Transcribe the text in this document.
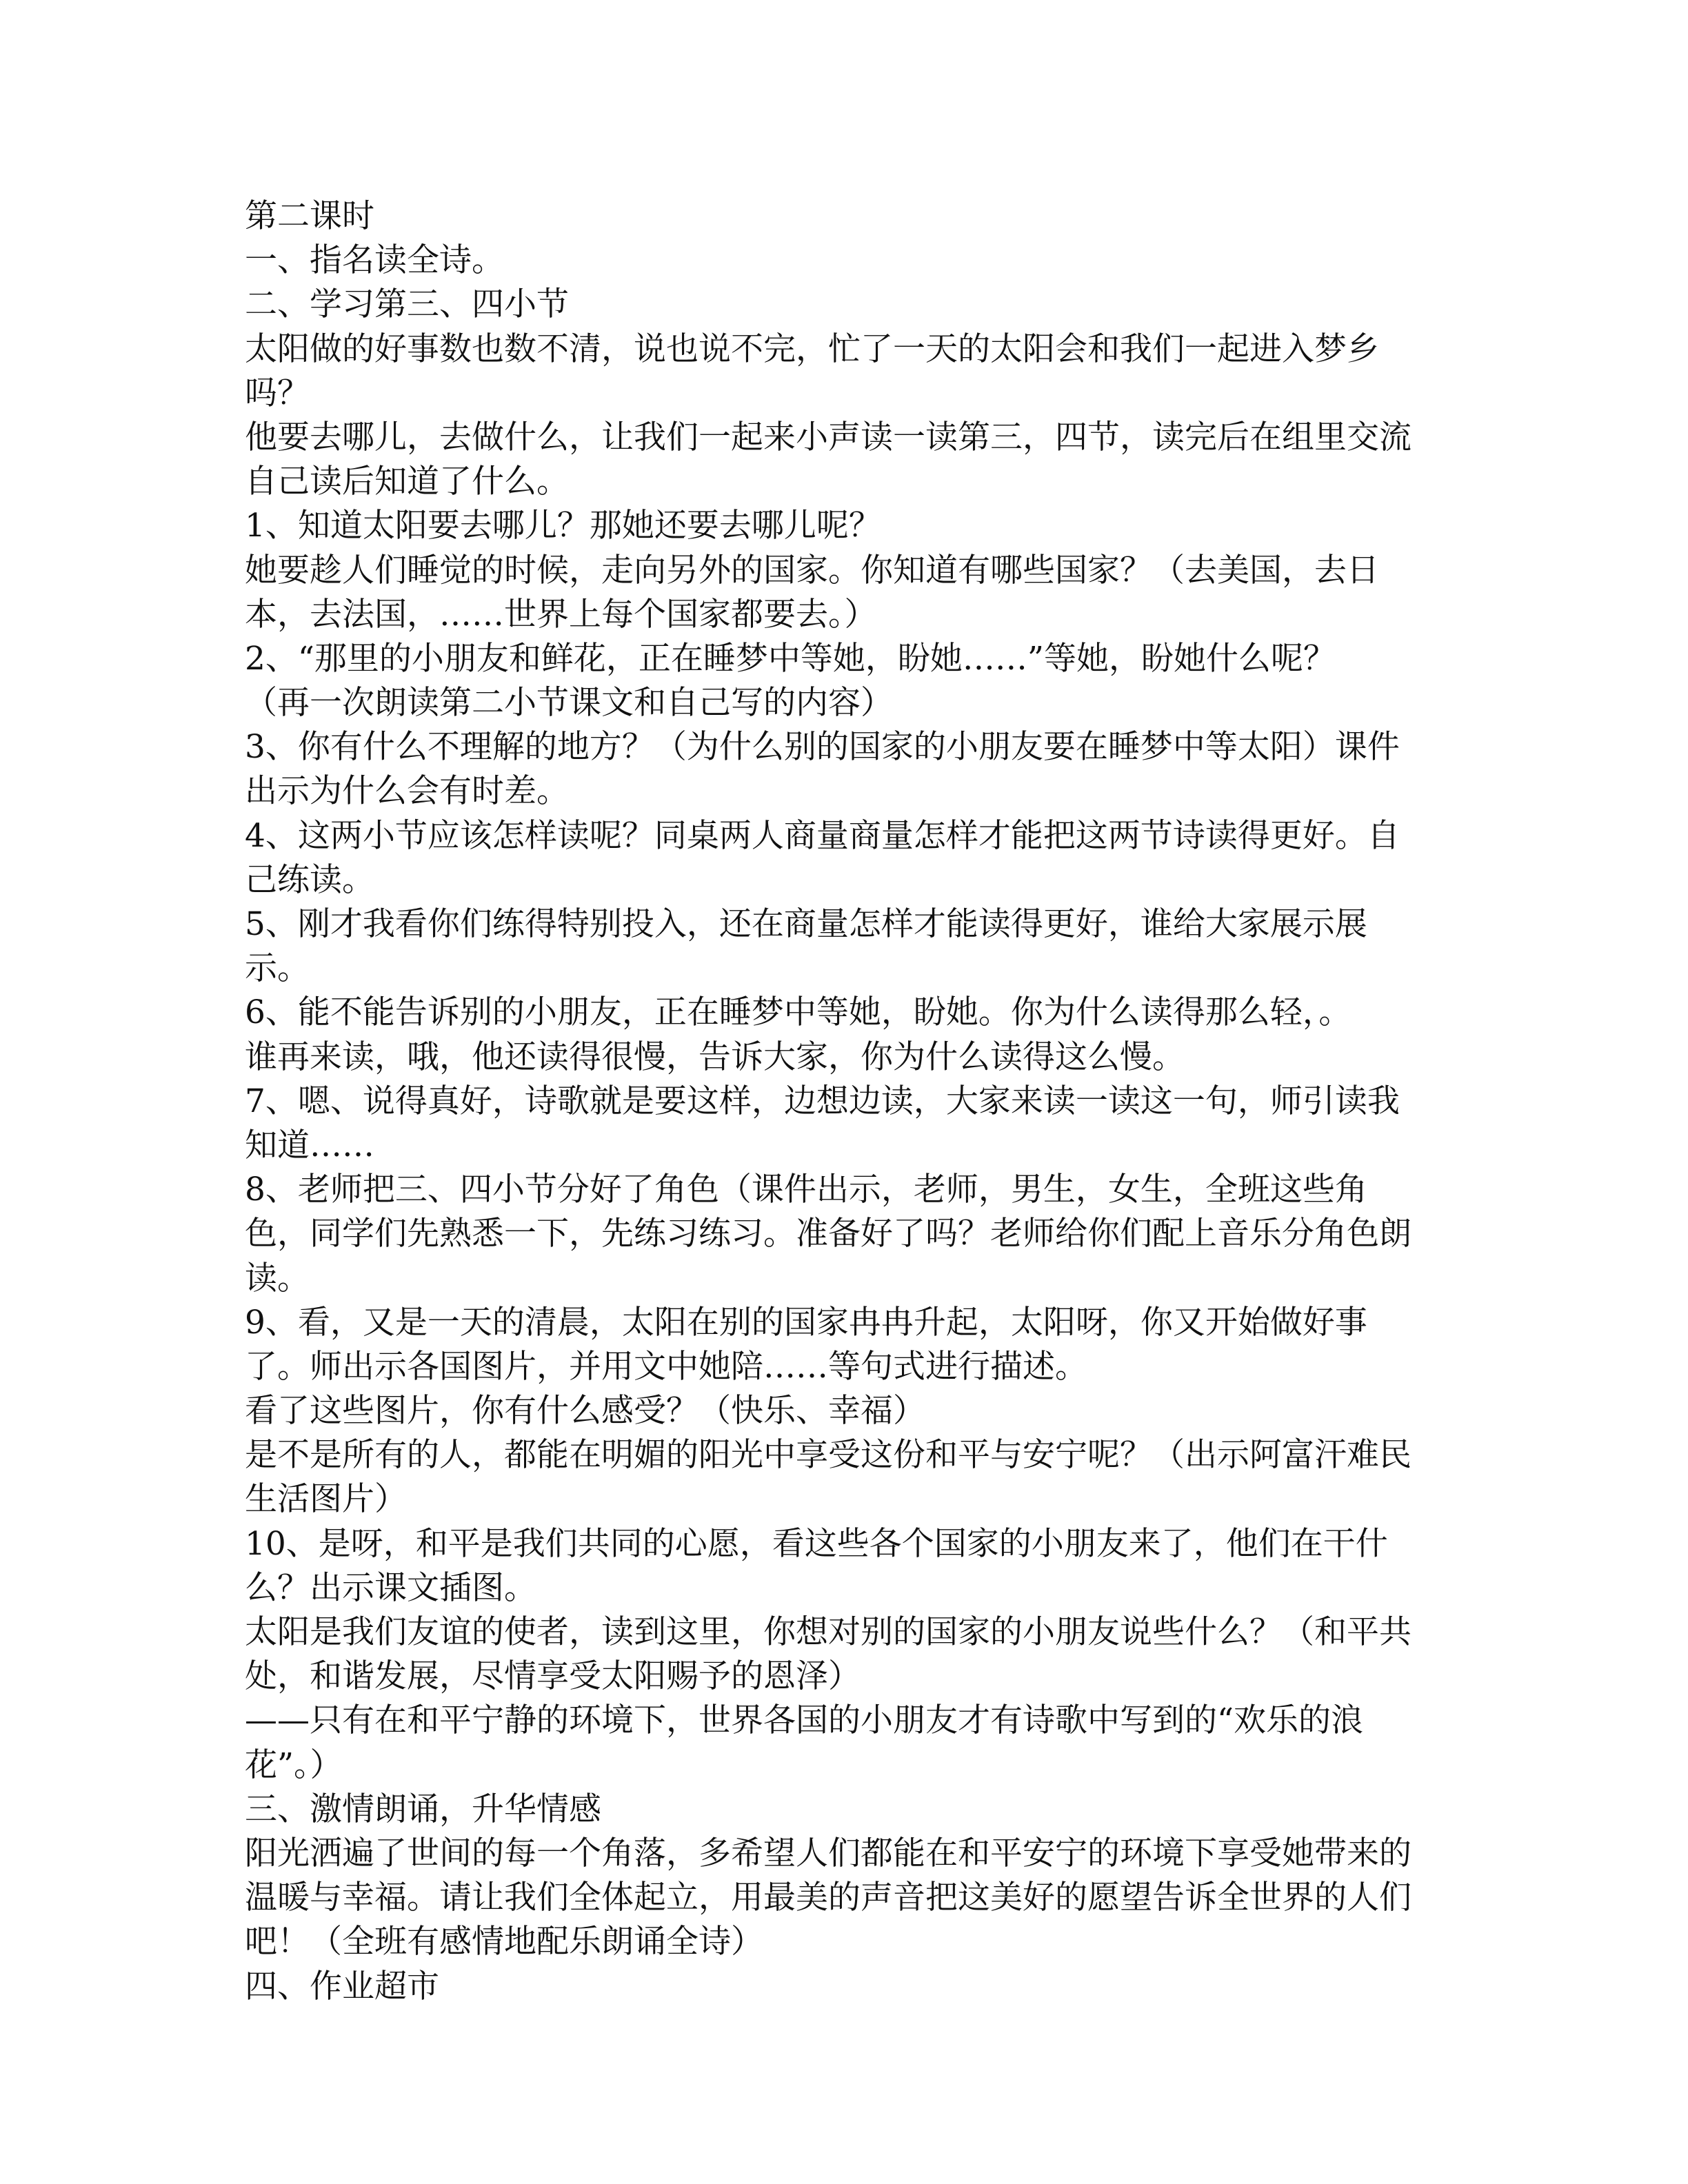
第二课时
一、指名读全诗。
二、学习第三、四小节
太阳做的好事数也数不清，说也说不完，忙了一天的太阳会和我们一起进入梦乡
吗？
他要去哪儿，去做什么，让我们一起来小声读一读第三，四节，读完后在组里交流
自己读后知道了什么。
1、知道太阳要去哪儿？那她还要去哪儿呢？
她要趁人们睡觉的时候，走向另外的国家。你知道有哪些国家？（去美国，去日
本，去法国，……世界上每个国家都要去。）
2、“那里的小朋友和鲜花，正在睡梦中等她，盼她……”等她，盼她什么呢？
（再一次朗读第二小节课文和自己写的内容）
3、你有什么不理解的地方？（为什么别的国家的小朋友要在睡梦中等太阳）课件
出示为什么会有时差。
4、这两小节应该怎样读呢？同桌两人商量商量怎样才能把这两节诗读得更好。自
己练读。
5、刚才我看你们练得特别投入，还在商量怎样才能读得更好，谁给大家展示展
示。
6、能不能告诉别的小朋友，正在睡梦中等她，盼她。你为什么读得那么轻，。
谁再来读，哦，他还读得很慢，告诉大家，你为什么读得这么慢。
7、嗯、说得真好，诗歌就是要这样，边想边读，大家来读一读这一句，师引读我
知道……
8、老师把三、四小节分好了角色（课件出示，老师，男生，女生，全班这些角
色，同学们先熟悉一下，先练习练习。准备好了吗？老师给你们配上音乐分角色朗
读。
9、看，又是一天的清晨，太阳在别的国家冉冉升起，太阳呀，你又开始做好事
了。师出示各国图片，并用文中她陪……等句式进行描述。
看了这些图片，你有什么感受？（快乐、幸福）
是不是所有的人，都能在明媚的阳光中享受这份和平与安宁呢？（出示阿富汗难民
生活图片）
10、是呀，和平是我们共同的心愿，看这些各个国家的小朋友来了，他们在干什
么？出示课文插图。
太阳是我们友谊的使者，读到这里，你想对别的国家的小朋友说些什么？（和平共
处，和谐发展，尽情享受太阳赐予的恩泽）
——只有在和平宁静的环境下，世界各国的小朋友才有诗歌中写到的“欢乐的浪
花”。）
三、激情朗诵，升华情感
阳光洒遍了世间的每一个角落，多希望人们都能在和平安宁的环境下享受她带来的
温暖与幸福。请让我们全体起立，用最美的声音把这美好的愿望告诉全世界的人们
吧！（全班有感情地配乐朗诵全诗）
四、作业超市
